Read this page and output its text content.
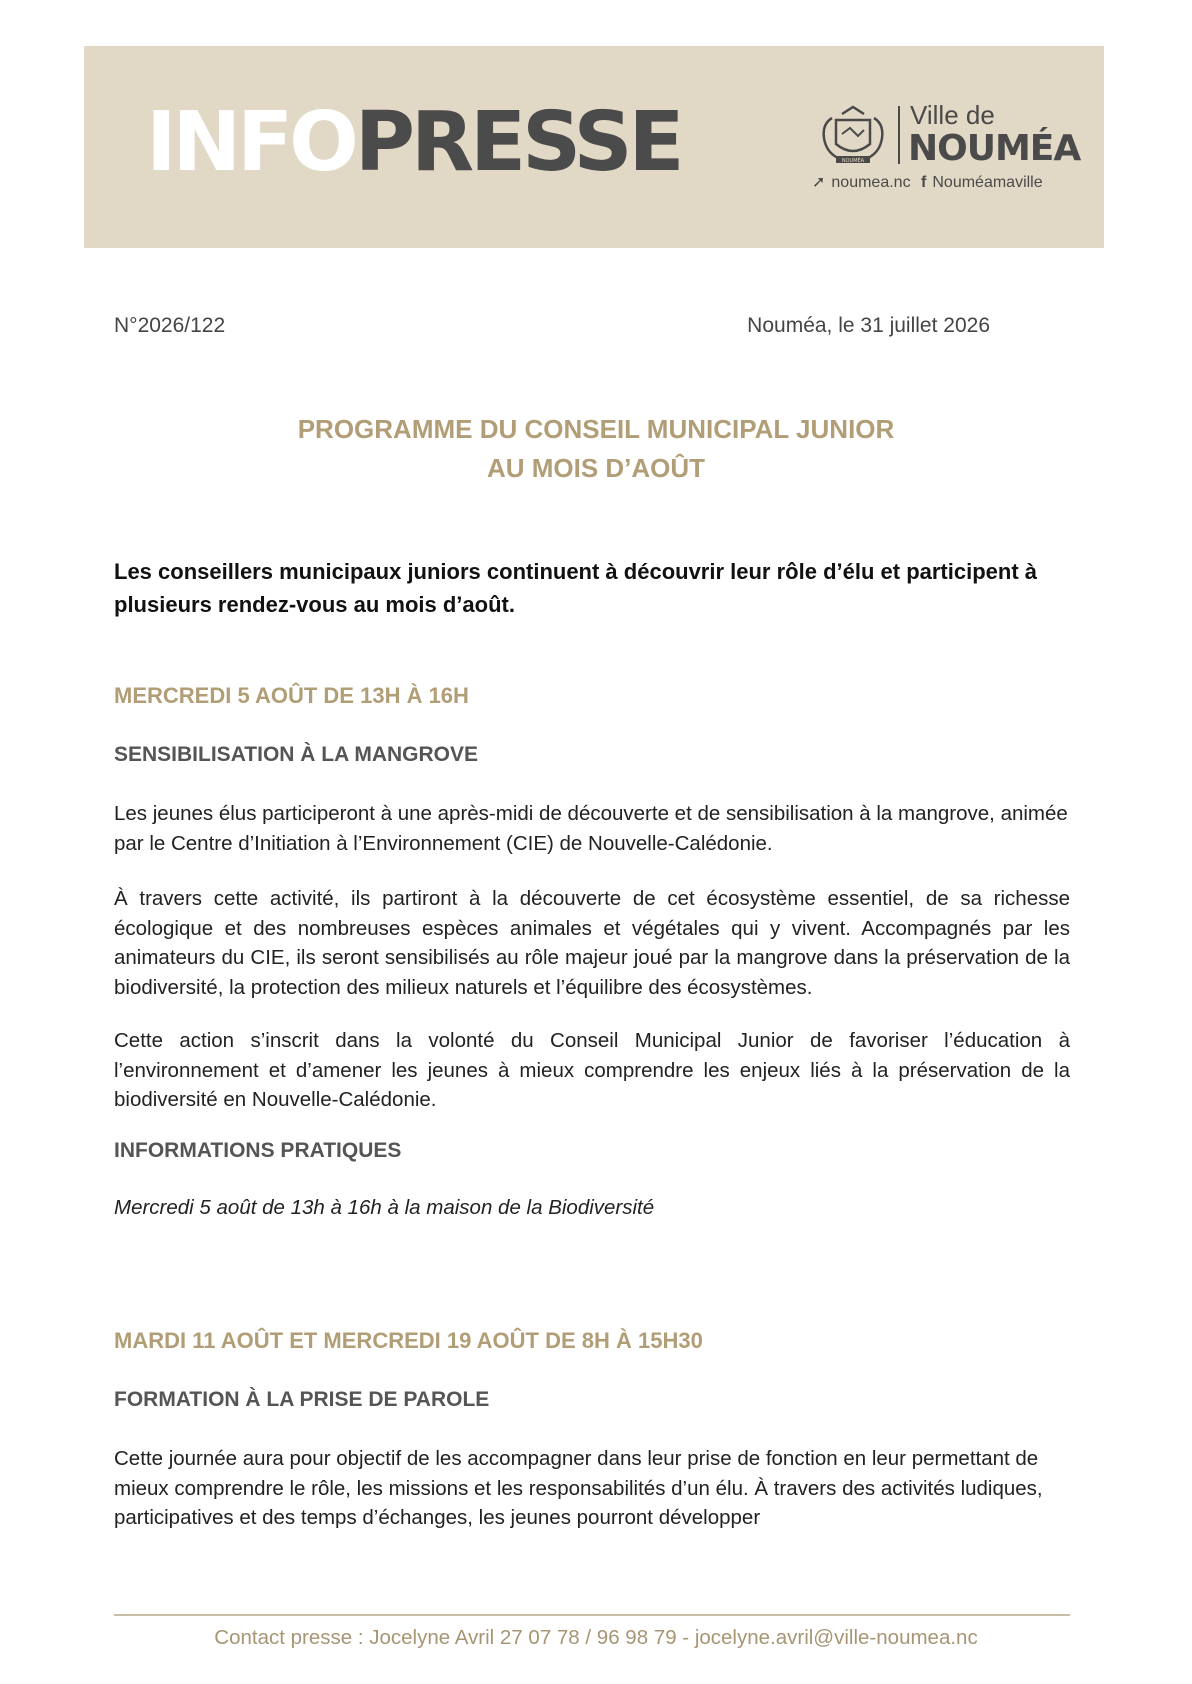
INFOPRESSE	NOUMÉA
Ville de
NOUMÉA
➚ noumea.nc f Nouméamaville
N°2026/122	Nouméa, le 31 juillet 2026
PROGRAMME DU CONSEIL MUNICIPAL JUNIOR
AU MOIS D’AOÛT
Les conseillers municipaux juniors continuent à découvrir leur rôle d’élu et participent à plusieurs rendez-vous au mois d’août.
MERCREDI 5 AOÛT DE 13H À 16H
SENSIBILISATION À LA MANGROVE
Les jeunes élus participeront à une après-midi de découverte et de sensibilisation à la mangrove, animée par le Centre d’Initiation à l’Environnement (CIE) de Nouvelle-Calédonie.
À travers cette activité, ils partiront à la découverte de cet écosystème essentiel, de sa richesse écologique et des nombreuses espèces animales et végétales qui y vivent. Accompagnés par les animateurs du CIE, ils seront sensibilisés au rôle majeur joué par la mangrove dans la préservation de la biodiversité, la protection des milieux naturels et l’équilibre des écosystèmes.
Cette action s’inscrit dans la volonté du Conseil Municipal Junior de favoriser l’éducation à l’environnement et d’amener les jeunes à mieux comprendre les enjeux liés à la préservation de la biodiversité en Nouvelle-Calédonie.
INFORMATIONS PRATIQUES
Mercredi 5 août de 13h à 16h à la maison de la Biodiversité
MARDI 11 AOÛT ET MERCREDI 19 AOÛT DE 8H À 15H30
FORMATION À LA PRISE DE PAROLE
Cette journée aura pour objectif de les accompagner dans leur prise de fonction en leur permettant de mieux comprendre le rôle, les missions et les responsabilités d’un élu. À travers des activités ludiques, participatives et des temps d’échanges, les jeunes pourront développer
Contact presse : Jocelyne Avril 27 07 78 / 96 98 79 - jocelyne.avril@ville-noumea.nc
